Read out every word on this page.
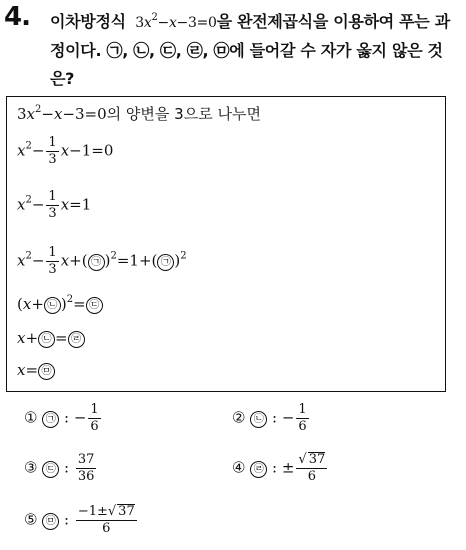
4. 이차방정식  $3x^2-x-3=0$을 완전제곱식을 이용하여 푸는 과정이다. ㉠, ㉡, ㉢, ㉣, ㉤에 들어갈 수 자가 옳지 않은 것은?
$3x^2-x-3=0$의 양변을 3으로 나누면
$x^2- \frac{1}{3} x-1=0$
$x^2- \frac{1}{3} x=1$
$x^2- \frac{1}{3} x+$( ㉠ )$^2$=1+( ㉠ )$^2$
(x+ ㉡ )$^2$= ㉢
x+ ㉡ = ㉣
x= ㉤
① ㉠ : − $\frac{1}{6}$	② ㉡ : − $\frac{1}{6}$
③ ㉢ : $\frac{37}{36}$	④ ㉣ : ± $\frac{√ 37}{6}$
⑤ ㉤ : $\frac{-1\pm√ 37}{6}$
